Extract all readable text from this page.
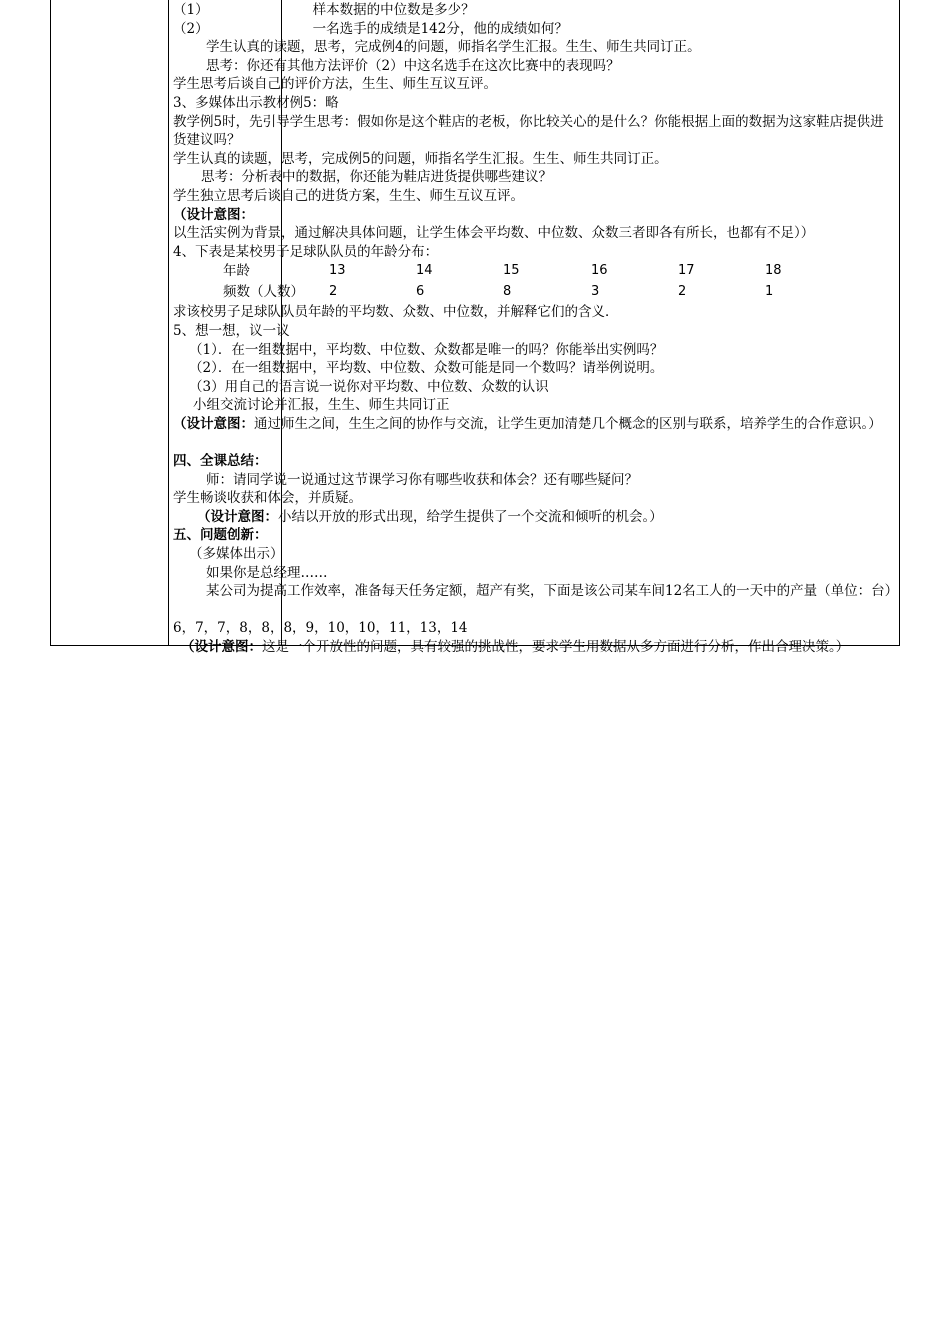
（1）	样本数据的中位数是多少？
（2）	一名选手的成绩是142分，他的成绩如何？
学生认真的读题，思考，完成例4的问题，师指名学生汇报。生生、师生共同订正。
思考：你还有其他方法评价（2）中这名选手在这次比赛中的表现吗？
学生思考后谈自己的评价方法，生生、师生互议互评。
3、多媒体出示教材例5：略
教学例5时，先引导学生思考：假如你是这个鞋店的老板，你比较关心的是什么？你能根据上面的数据为这家鞋店提供进货建议吗？
学生认真的读题，思考，完成例5的问题，师指名学生汇报。生生、师生共同订正。
思考：分析表中的数据，你还能为鞋店进货提供哪些建议？
学生独立思考后谈自己的进货方案，生生、师生互议互评。
（设计意图：以生活实例为背景，通过解决具体问题，让学生体会平均数、中位数、众数三者即各有所长，也都有不足））
4、下表是某校男子足球队队员的年龄分布：
年龄	13	14	15	16	17	18
频数（人数） 2	6	8	3	2	1
求该校男子足球队队员年龄的平均数、众数、中位数，并解释它们的含义．
5、想一想，议一议
（1）．在一组数据中，平均数、中位数、众数都是唯一的吗？你能举出实例吗？
（2）．在一组数据中，平均数、中位数、众数可能是同一个数吗？请举例说明。
（3）用自己的语言说一说你对平均数、中位数、众数的认识
小组交流讨论并汇报，生生、师生共同订正
（设计意图：通过师生之间，生生之间的协作与交流，让学生更加清楚几个概念的区别与联系，培养学生的合作意识。）
四、全课总结：
师：请同学说一说通过这节课学习你有哪些收获和体会？还有哪些疑问？
学生畅谈收获和体会，并质疑。
（设计意图：小结以开放的形式出现，给学生提供了一个交流和倾听的机会。）
五、问题创新：
（多媒体出示）
如果你是总经理……
某公司为提高工作效率，准备每天任务定额，超产有奖，下面是该公司某车间12名工人的一天中的产量（单位：台）
6，7，7，8，8，8，9，10，10，11，13，14
（设计意图：这是一个开放性的问题，具有较强的挑战性，要求学生用数据从多方面进行分析，作出合理决策。）
